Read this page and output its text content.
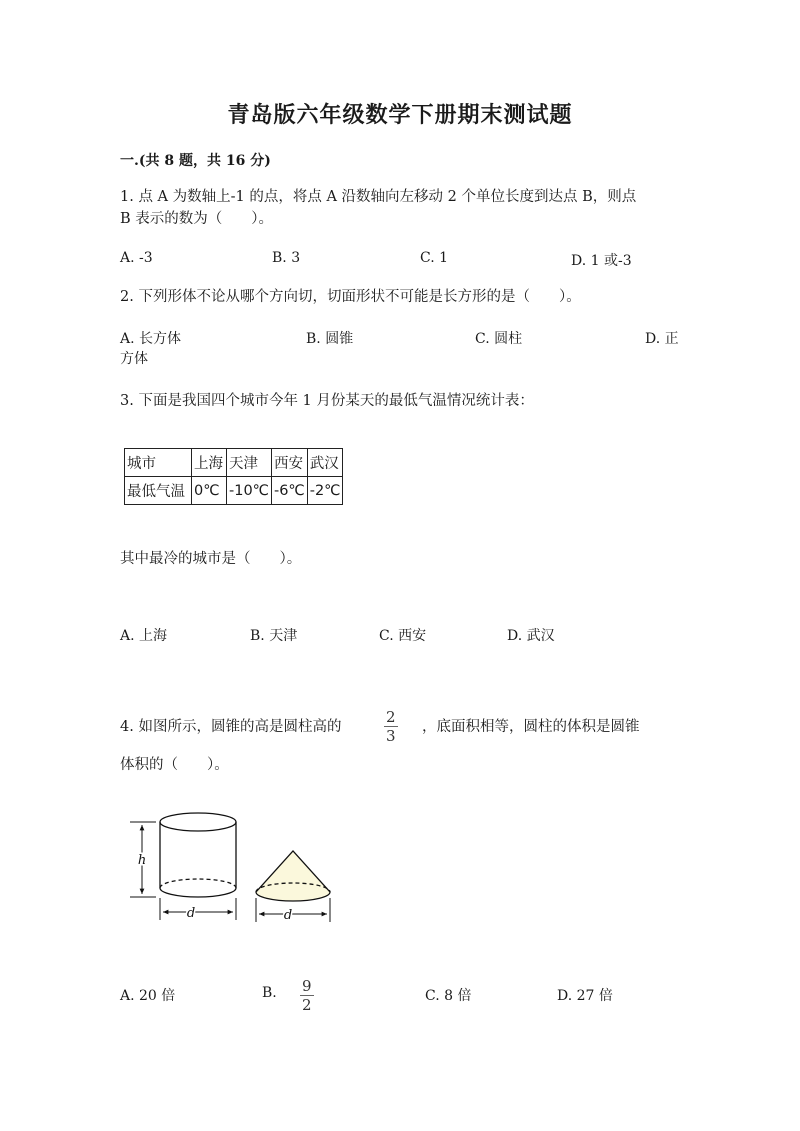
青岛版六年级数学下册期末测试题
一.(共 8 题，共 16 分)
1. 点 A 为数轴上-1 的点，将点 A 沿数轴向左移动 2 个单位长度到达点 B，则点
B 表示的数为（　　）。
A. -3	B. 3	C. 1	D. 1 或-3
2. 下列形体不论从哪个方向切，切面形状不可能是长方形的是（　　）。
A. 长方体	B. 圆锥	C. 圆柱	D. 正
方体
3. 下面是我国四个城市今年 1 月份某天的最低气温情况统计表：
城市	上海	天津	西安	武汉
最低气温	0℃	-10℃	-6℃	-2℃
其中最冷的城市是（　　）。
A. 上海	B. 天津	C. 西安	D. 武汉
4. 如图所示，圆锥的高是圆柱高的	$\frac{2}{3}$ ，底面积相等，圆柱的体积是圆锥
体积的（　　）。
h
d	d
A. 20 倍	B. $\frac{9}{2}$	C. 8 倍	D. 27 倍
